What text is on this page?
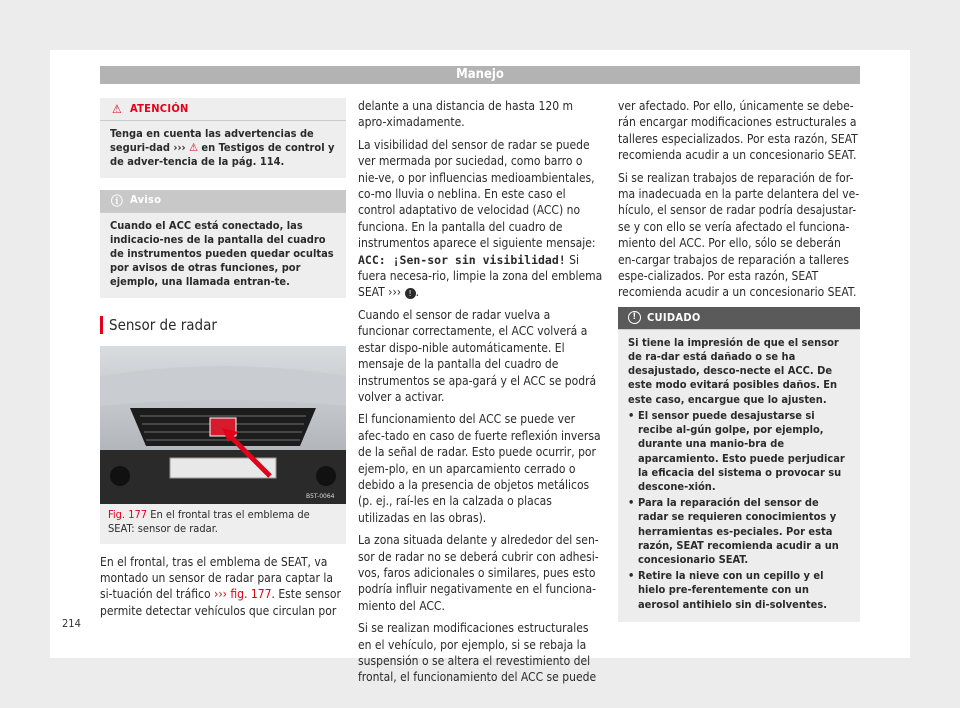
Manejo
⚠ ATENCIÓN
Tenga en cuenta las advertencias de seguri-dad ››› ⚠ en Testigos de control y de adver-tencia de la pág. 114.
ⓘ Aviso
Cuando el ACC está conectado, las indicacio-nes de la pantalla del cuadro de instrumentos pueden quedar ocultas por avisos de otras funciones, por ejemplo, una llamada entran-te.
Sensor de radar
B5T-0064
Fig. 177 En el frontal tras el emblema de SEAT: sensor de radar.

En el frontal, tras el emblema de SEAT, va montado un sensor de radar para captar la si-tuación del tráfico ››› fig. 177. Este sensor permite detectar vehículos que circulan por

delante a una distancia de hasta 120 m apro-ximadamente.

La visibilidad del sensor de radar se puede ver mermada por suciedad, como barro o nie-ve, o por influencias medioambientales, co-mo lluvia o neblina. En este caso el control adaptativo de velocidad (ACC) no funciona. En la pantalla del cuadro de instrumentos aparece el siguiente mensaje: ACC: ¡Sen-sor sin visibilidad! Si fuera necesa-rio, limpie la zona del emblema SEAT ››› ! .

Cuando el sensor de radar vuelva a funcionar correctamente, el ACC volverá a estar dispo-nible automáticamente. El mensaje de la pantalla del cuadro de instrumentos se apa-gará y el ACC se podrá volver a activar.

El funcionamiento del ACC se puede ver afec-tado en caso de fuerte reflexión inversa de la señal de radar. Esto puede ocurrir, por ejem-plo, en un aparcamiento cerrado o debido a la presencia de objetos metálicos (p. ej., raí-les en la calzada o placas utilizadas en las obras).

La zona situada delante y alrededor del sen-sor de radar no se deberá cubrir con adhesi-vos, faros adicionales o similares, pues esto podría influir negativamente en el funciona-miento del ACC.

Si se realizan modificaciones estructurales en el vehículo, por ejemplo, si se rebaja la suspensión o se altera el revestimiento del frontal, el funcionamiento del ACC se puede

ver afectado. Por ello, únicamente se debe-rán encargar modificaciones estructurales a talleres especializados. Por esta razón, SEAT recomienda acudir a un concesionario SEAT.

Si se realizan trabajos de reparación de for-ma inadecuada en la parte delantera del ve-hículo, el sensor de radar podría desajustar-se y con ello se vería afectado el funciona-miento del ACC. Por ello, sólo se deberán en-cargar trabajos de reparación a talleres espe-cializados. Por esta razón, SEAT recomienda acudir a un concesionario SEAT.

! CUIDADO
Si tiene la impresión de que el sensor de ra-dar está dañado o se ha desajustado, desco-necte el ACC. De este modo evitará posibles daños. En este caso, encargue que lo ajusten.
• El sensor puede desajustarse si recibe al-gún golpe, por ejemplo, durante una manio-bra de aparcamiento. Esto puede perjudicar la eficacia del sistema o provocar su descone-xión.
• Para la reparación del sensor de radar se requieren conocimientos y herramientas es-peciales. Por esta razón, SEAT recomienda acudir a un concesionario SEAT.
• Retire la nieve con un cepillo y el hielo pre-ferentemente con un aerosol antihielo sin di-solventes.
214
